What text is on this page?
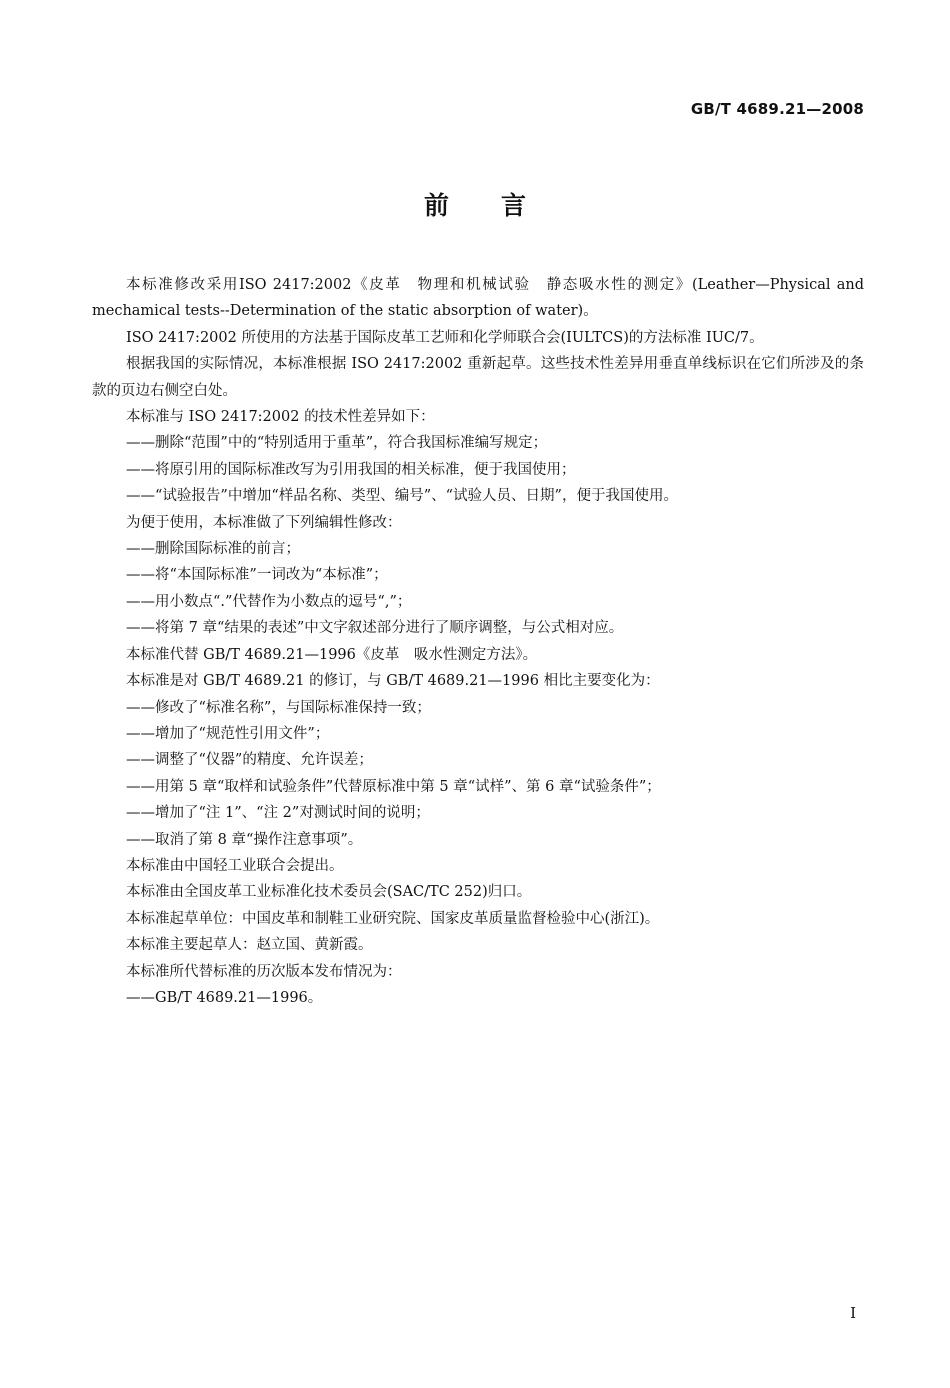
GB/T 4689.21—2008
前言

本标准修改采用ISO 2417:2002《皮革　物理和机械试验　静态吸水性的测定》(Leather—Physical and mechamical tests--Determination of the static absorption of water)。

ISO 2417:2002 所使用的方法基于国际皮革工艺师和化学师联合会(IULTCS)的方法标准 IUC/7。

根据我国的实际情况，本标准根据 ISO 2417:2002 重新起草。这些技术性差异用垂直单线标识在它们所涉及的条款的页边右侧空白处。

本标准与 ISO 2417:2002 的技术性差异如下：

——删除“范围”中的“特别适用于重革”，符合我国标准编写规定；

——将原引用的国际标准改写为引用我国的相关标准，便于我国使用；

——“试验报告”中增加“样品名称、类型、编号”、“试验人员、日期”，便于我国使用。

为便于使用，本标准做了下列编辑性修改：

——删除国际标准的前言；

——将“本国际标准”一词改为“本标准”；

——用小数点“.”代替作为小数点的逗号“,”；

——将第 7 章“结果的表述”中文字叙述部分进行了顺序调整，与公式相对应。

本标准代替 GB/T 4689.21—1996《皮革　吸水性测定方法》。

本标准是对 GB/T 4689.21 的修订，与 GB/T 4689.21—1996 相比主要变化为：

——修改了“标准名称”，与国际标准保持一致；

——增加了“规范性引用文件”；

——调整了“仪器”的精度、允许误差；

——用第 5 章“取样和试验条件”代替原标准中第 5 章“试样”、第 6 章“试验条件”；

——增加了“注 1”、“注 2”对测试时间的说明；

——取消了第 8 章“操作注意事项”。

本标准由中国轻工业联合会提出。

本标准由全国皮革工业标准化技术委员会(SAC/TC 252)归口。

本标准起草单位：中国皮革和制鞋工业研究院、国家皮革质量监督检验中心(浙江)。

本标准主要起草人：赵立国、黄新霞。

本标准所代替标准的历次版本发布情况为：

——GB/T 4689.21—1996。

I
